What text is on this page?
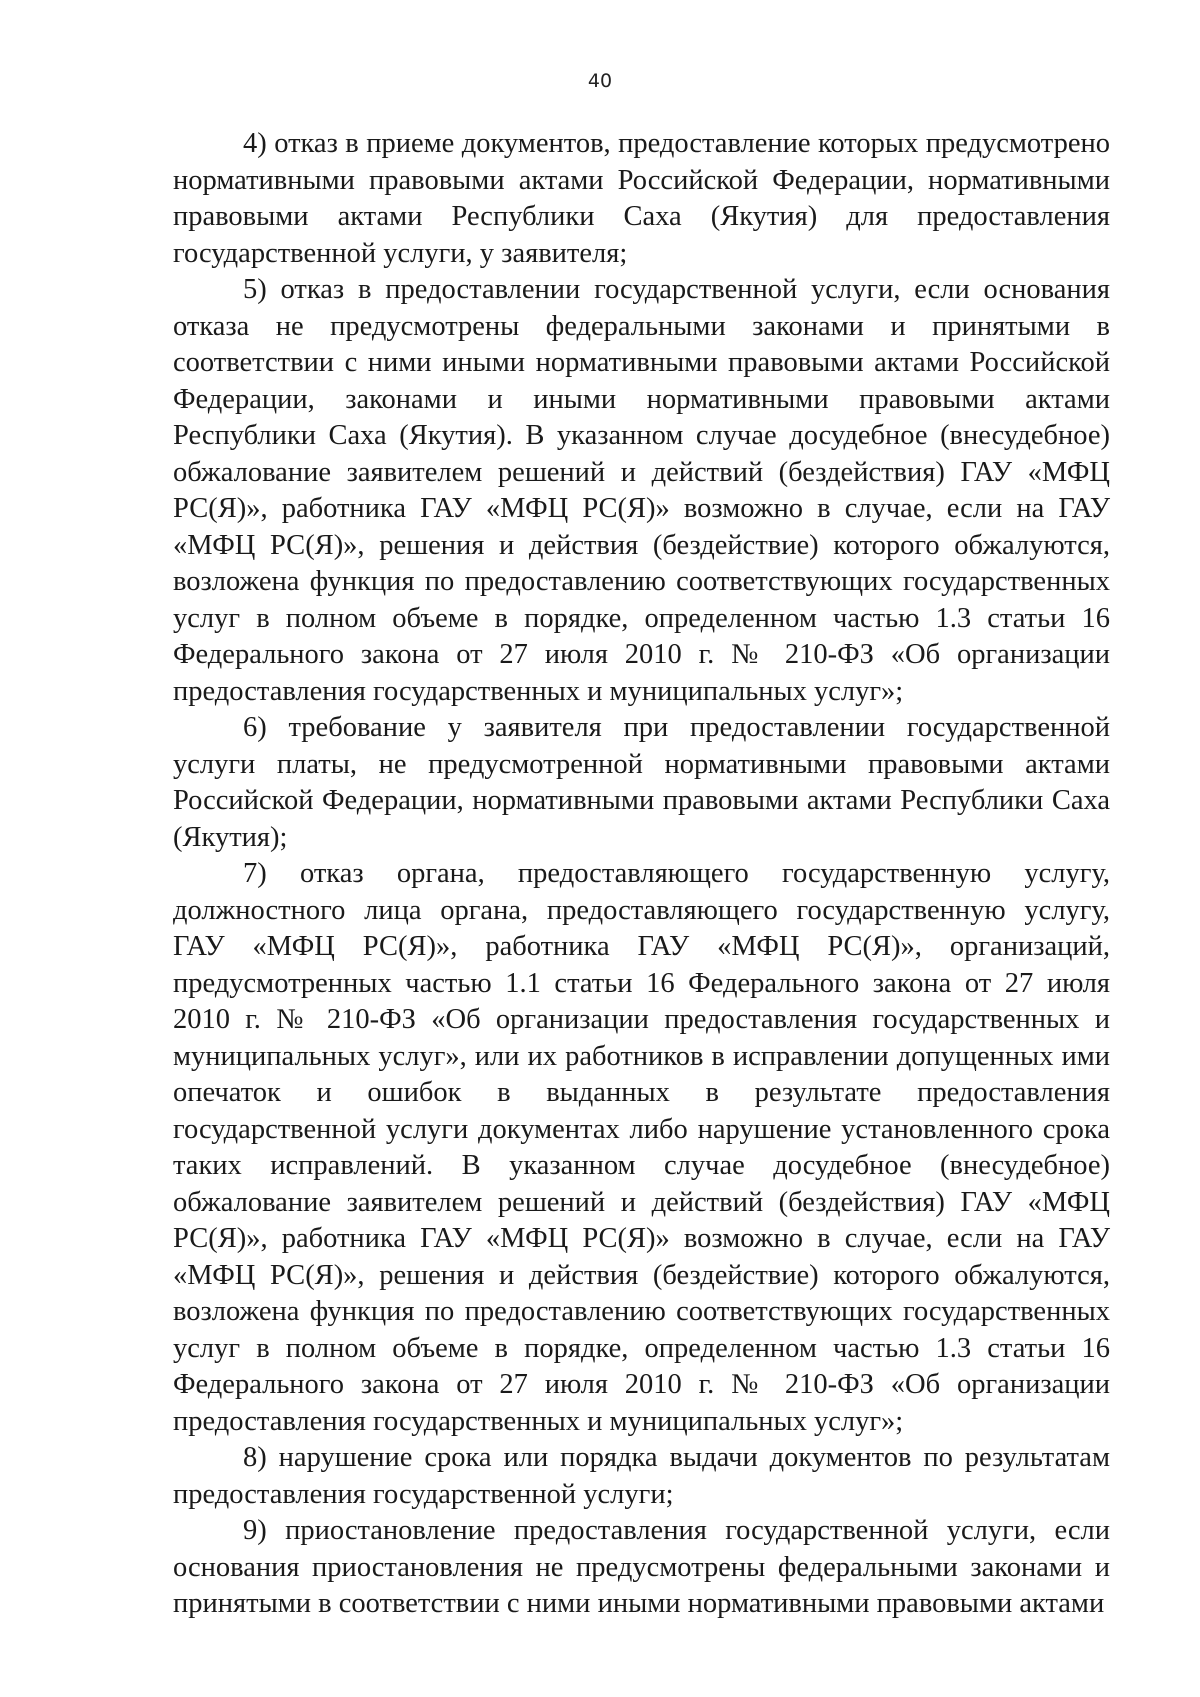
40

4) отказ в приеме документов, предоставление которых предусмотрено нормативными правовыми актами Российской Федерации, нормативными правовыми актами Республики Саха (Якутия) для предоставления государственной услуги, у заявителя;

5) отказ в предоставлении государственной услуги, если основания отказа не предусмотрены федеральными законами и принятыми в соответствии с ними иными нормативными правовыми актами Российской Федерации, законами и иными нормативными правовыми актами Республики Саха (Якутия). В указанном случае досудебное (внесудебное) обжалование заявителем решений и действий (бездействия) ГАУ «МФЦ РС(Я)», работника ГАУ «МФЦ РС(Я)» возможно в случае, если на ГАУ «МФЦ РС(Я)», решения и действия (бездействие) которого обжалуются, возложена функция по предоставлению соответствующих государственных услуг в полном объеме в порядке, определенном частью 1.3 статьи 16 Федерального закона от 27 июля 2010 г. № 210-ФЗ «Об организации предоставления государственных и муниципальных услуг»;

6) требование у заявителя при предоставлении государственной услуги платы, не предусмотренной нормативными правовыми актами Российской Федерации, нормативными правовыми актами Республики Саха (Якутия);

7) отказ органа, предоставляющего государственную услугу, должностного лица органа, предоставляющего государственную услугу, ГАУ «МФЦ РС(Я)», работника ГАУ «МФЦ РС(Я)», организаций, предусмотренных частью 1.1 статьи 16 Федерального закона от 27 июля 2010 г. № 210-ФЗ «Об организации предоставления государственных и муниципальных услуг», или их работников в исправлении допущенных ими опечаток и ошибок в выданных в результате предоставления государственной услуги документах либо нарушение установленного срока таких исправлений. В указанном случае досудебное (внесудебное) обжалование заявителем решений и действий (бездействия) ГАУ «МФЦ РС(Я)», работника ГАУ «МФЦ РС(Я)» возможно в случае, если на ГАУ «МФЦ РС(Я)», решения и действия (бездействие) которого обжалуются, возложена функция по предоставлению соответствующих государственных услуг в полном объеме в порядке, определенном частью 1.3 статьи 16 Федерального закона от 27 июля 2010 г. № 210-ФЗ «Об организации предоставления государственных и муниципальных услуг»;

8) нарушение срока или порядка выдачи документов по результатам предоставления государственной услуги;

9) приостановление предоставления государственной услуги, если основания приостановления не предусмотрены федеральными законами и принятыми в соответствии с ними иными нормативными правовыми актами
